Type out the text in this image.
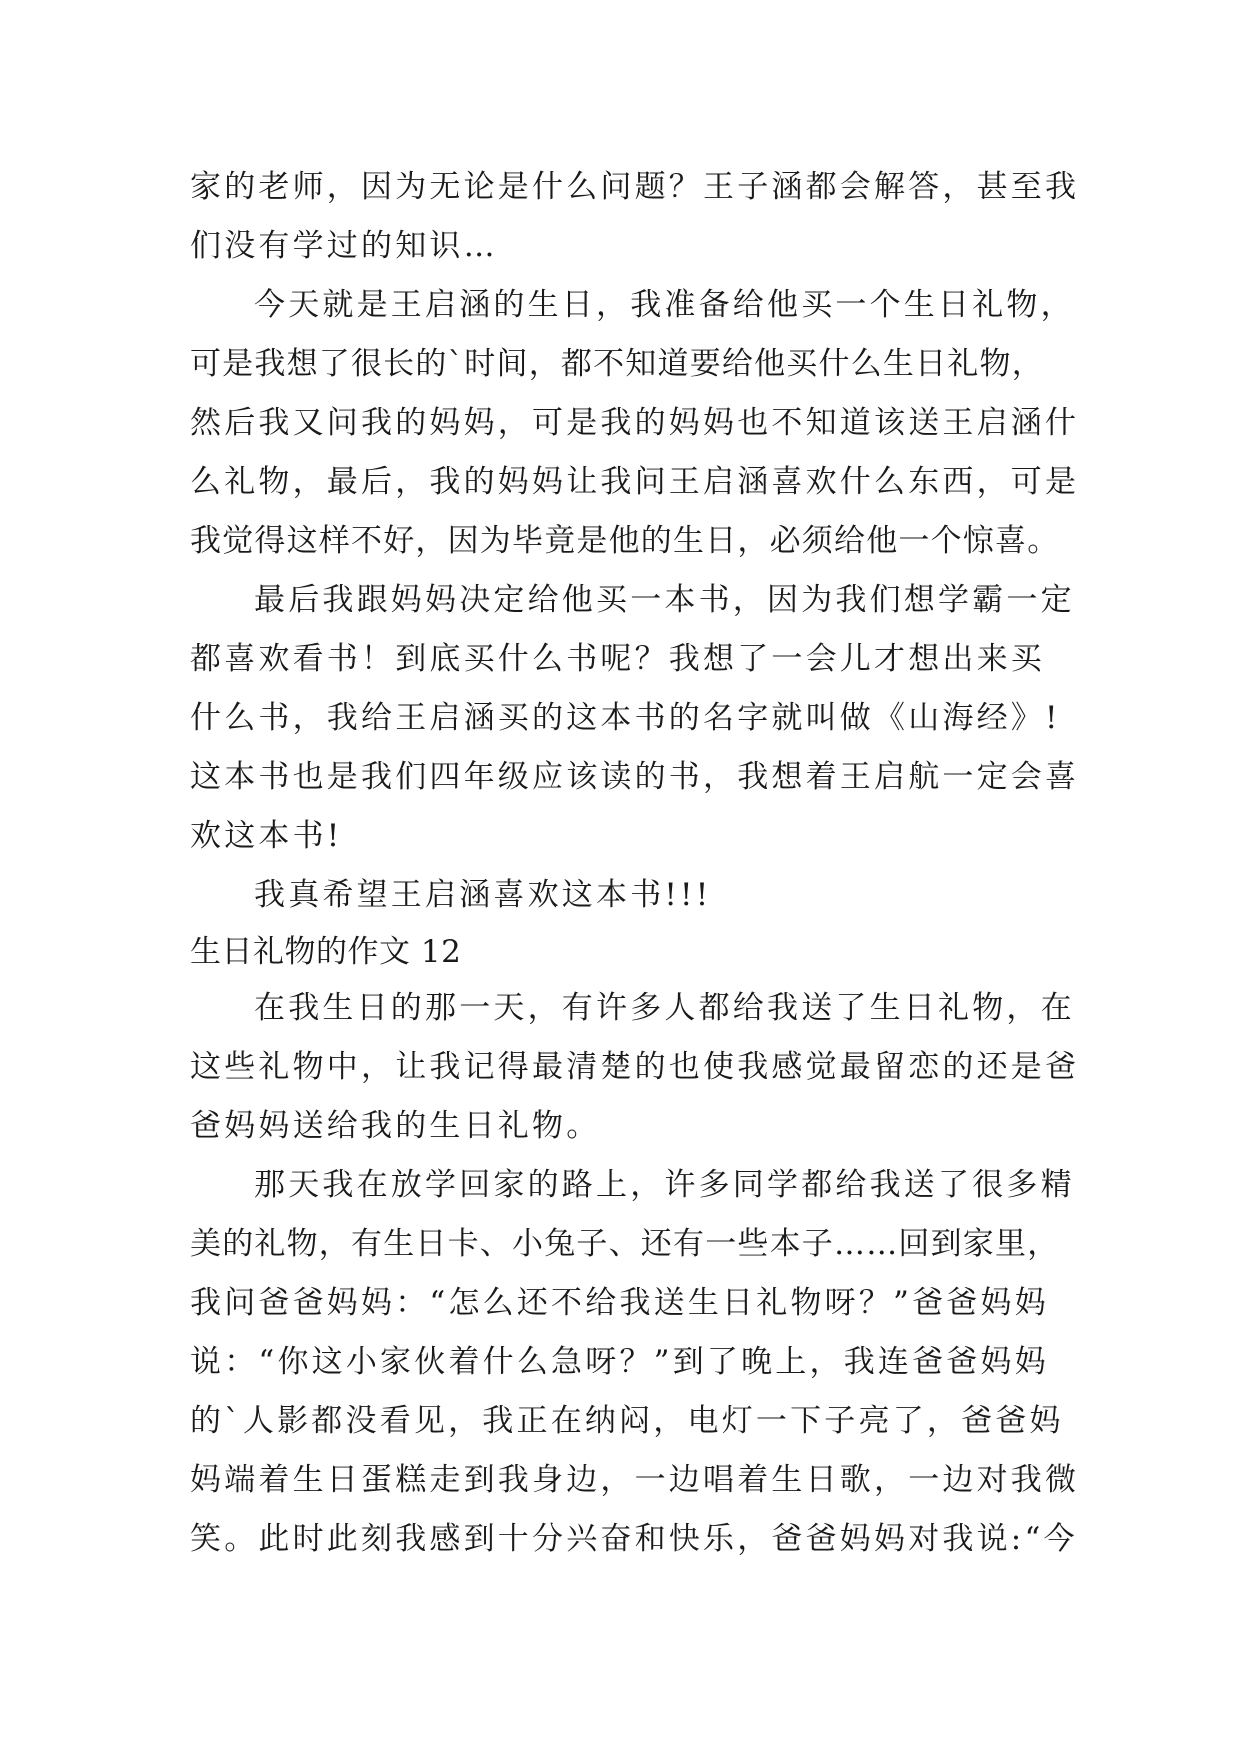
家的老师，因为无论是什么问题？王子涵都会解答，甚至我
们没有学过的知识…
今天就是王启涵的生日，我准备给他买一个生日礼物，
可是我想了很长的`时间，都不知道要给他买什么生日礼物，
然后我又问我的妈妈，可是我的妈妈也不知道该送王启涵什
么礼物，最后，我的妈妈让我问王启涵喜欢什么东西，可是
我觉得这样不好，因为毕竟是他的生日，必须给他一个惊喜。
最后我跟妈妈决定给他买一本书，因为我们想学霸一定
都喜欢看书！到底买什么书呢？我想了一会儿才想出来买
什么书，我给王启涵买的这本书的名字就叫做《山海经》!
这本书也是我们四年级应该读的书，我想着王启航一定会喜
欢这本书!
我真希望王启涵喜欢这本书!!!
生日礼物的作文 12
在我生日的那一天，有许多人都给我送了生日礼物，在
这些礼物中，让我记得最清楚的也使我感觉最留恋的还是爸
爸妈妈送给我的生日礼物。
那天我在放学回家的路上，许多同学都给我送了很多精
美的礼物，有生日卡、小兔子、还有一些本子……回到家里，
我问爸爸妈妈：“怎么还不给我送生日礼物呀？”爸爸妈妈
说：“你这小家伙着什么急呀？”到了晚上，我连爸爸妈妈
的`人影都没看见，我正在纳闷，电灯一下子亮了，爸爸妈
妈端着生日蛋糕走到我身边，一边唱着生日歌，一边对我微
笑。此时此刻我感到十分兴奋和快乐，爸爸妈妈对我说:“今
